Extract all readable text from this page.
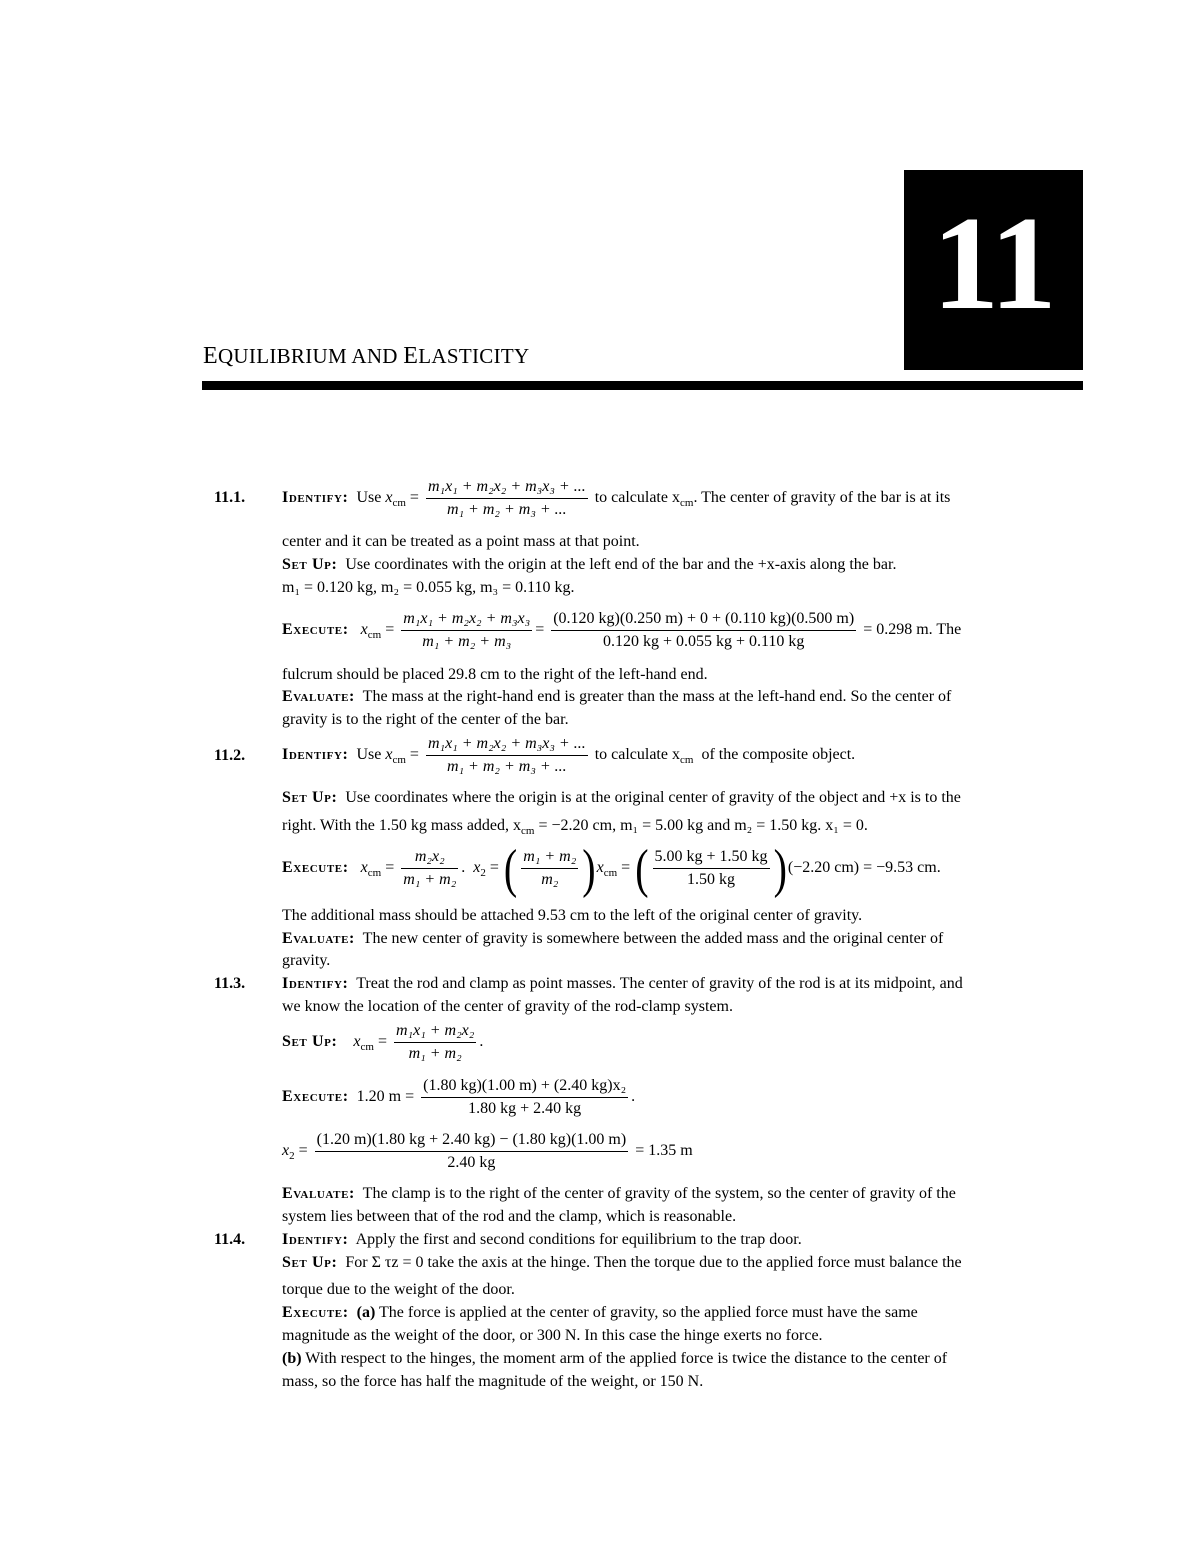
11
EQUILIBRIUM AND ELASTICITY
11.1. Identify: Use $x_{cm} = \frac{\text{m₁x₁ + m₂x₂ + m₃x₃ + ...}}{\text{m₁ + m₂ + m₃ + ...}}$ to calculate $x_{cm}$. The center of gravity of the bar is at its
center and it can be treated as a point mass at that point.
Set Up: Use coordinates with the origin at the left end of the bar and the +x-axis along the bar.
m₁ = 0.120 kg, m₂ = 0.055 kg, m₃ = 0.110 kg.
Execute: $x_{cm} = \frac{\text{m₁x₁ + m₂x₂ + m₃x₃}}{\text{m₁ + m₂ + m₃}} = \frac{(0.120 kg)(0.250 m) + 0 + (0.110 kg)(0.500 m)}{0.120 kg + 0.055 kg + 0.110 kg} = 0.298$ m. The
fulcrum should be placed 29.8 cm to the right of the left-hand end.
Evaluate: The mass at the right-hand end is greater than the mass at the left-hand end. So the center of
gravity is to the right of the center of the bar.
11.2. Identify: Use $x_{cm} = \frac{\text{m₁x₁ + m₂x₂ + m₃x₃ + ...}}{\text{m₁ + m₂ + m₃ + ...}}$ to calculate $x_{cm}$ of the composite object.
Set Up: Use coordinates where the origin is at the original center of gravity of the object and +x is to the
right. With the 1.50 kg mass added, $x_{cm} = -2.20$ cm, m₁ = 5.00 kg and m₂ = 1.50 kg. x₁ = 0.
Execute: $x_{cm} = \frac{\text{m₂x₂}}{\text{m₁ + m₂}}$ .  $x_2$ = ( $\frac{\text{m₁ + m₂}}{\text{m₂}} )x_{cm}$ = ( $\frac{5.00 kg + 1.50 kg}{1.50 kg} )(-2.20$ cm) = −9.53 cm.
The additional mass should be attached 9.53 cm to the left of the original center of gravity.
Evaluate: The new center of gravity is somewhere between the added mass and the original center of
gravity.
11.3. Identify: Treat the rod and clamp as point masses. The center of gravity of the rod is at its midpoint, and
we know the location of the center of gravity of the rod-clamp system.
Set Up: $x_{cm} = \frac{\text{m₁x₁ + m₂x₂}}{\text{m₁ + m₂}}$ .
Execute: 1.20 $m = \frac{\text{(1.80 kg)(1.00 m) + (2.40 kg)x₂}}{1.80 kg + 2.40 kg}$ .
$x_2 = \frac{(1.20 m)(1.80 kg + 2.40 kg) - (1.80 kg)(1.00 m)}{2.40 kg} = 1.35$ m
Evaluate: The clamp is to the right of the center of gravity of the system, so the center of gravity of the
system lies between that of the rod and the clamp, which is reasonable.
11.4. Identify: Apply the first and second conditions for equilibrium to the trap door.
Set Up: For Σ τz = 0 take the axis at the hinge. Then the torque due to the applied force must balance the
torque due to the weight of the door.
Execute: (a) The force is applied at the center of gravity, so the applied force must have the same
magnitude as the weight of the door, or 300 N. In this case the hinge exerts no force.
(b) With respect to the hinges, the moment arm of the applied force is twice the distance to the center of
mass, so the force has half the magnitude of the weight, or 150 N.
